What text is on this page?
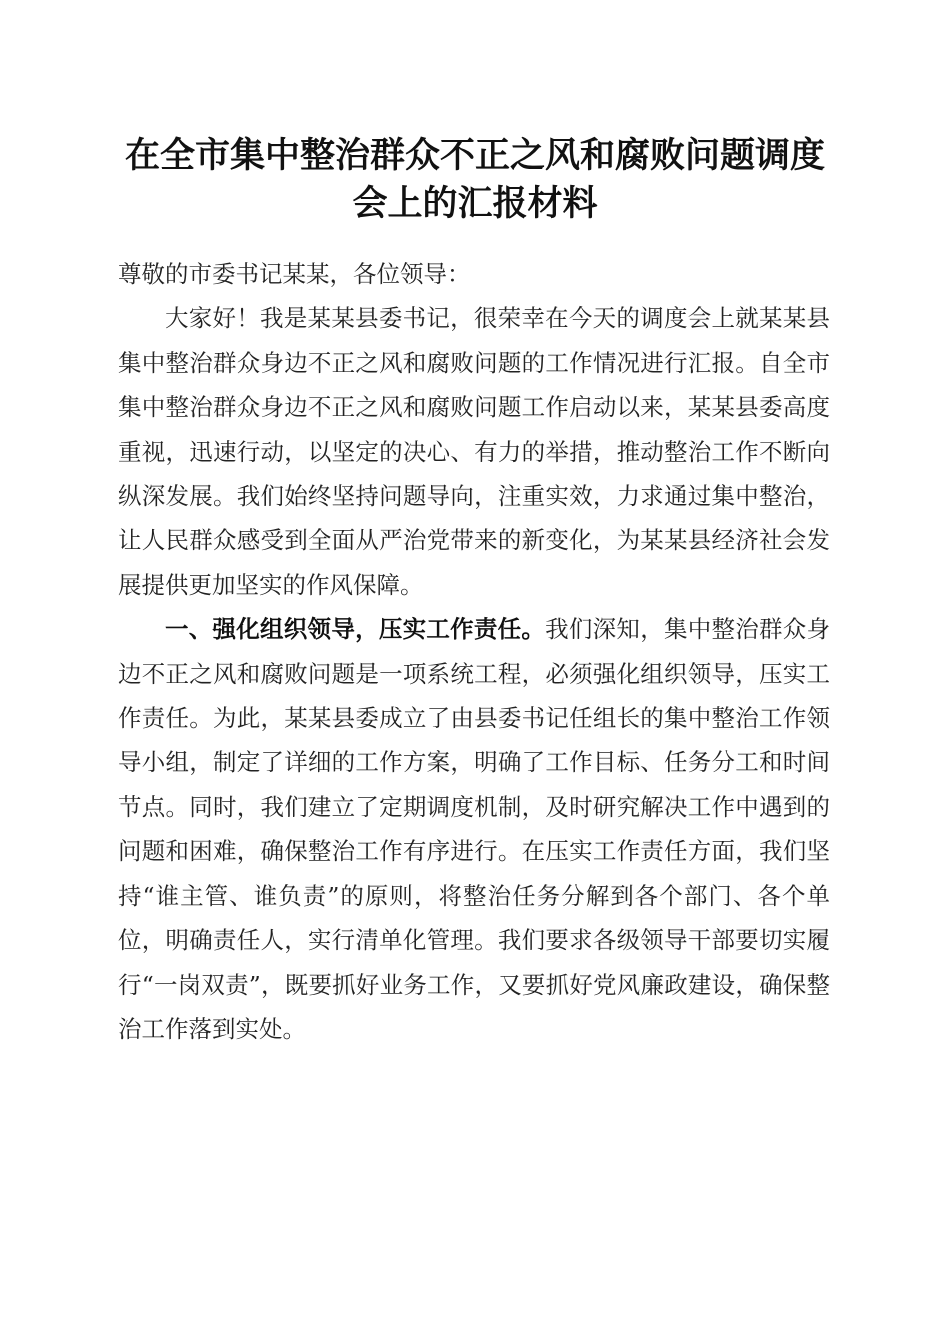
在全市集中整治群众不正之风和腐败问题调度
会上的汇报材料

尊敬的市委书记某某，各位领导：

大家好！我是某某县委书记，很荣幸在今天的调度会上就某某县集中整治群众身边不正之风和腐败问题的工作情况进行汇报。自全市集中整治群众身边不正之风和腐败问题工作启动以来，某某县委高度重视，迅速行动，以坚定的决心、有力的举措，推动整治工作不断向纵深发展。我们始终坚持问题导向，注重实效，力求通过集中整治，让人民群众感受到全面从严治党带来的新变化，为某某县经济社会发展提供更加坚实的作风保障。

一、强化组织领导，压实工作责任。我们深知，集中整治群众身边不正之风和腐败问题是一项系统工程，必须强化组织领导，压实工作责任。为此，某某县委成立了由县委书记任组长的集中整治工作领导小组，制定了详细的工作方案，明确了工作目标、任务分工和时间节点。同时，我们建立了定期调度机制，及时研究解决工作中遇到的问题和困难，确保整治工作有序进行。在压实工作责任方面，我们坚持“谁主管、谁负责”的原则，将整治任务分解到各个部门、各个单位，明确责任人，实行清单化管理。我们要求各级领导干部要切实履行“一岗双责”，既要抓好业务工作，又要抓好党风廉政建设，确保整治工作落到实处。
